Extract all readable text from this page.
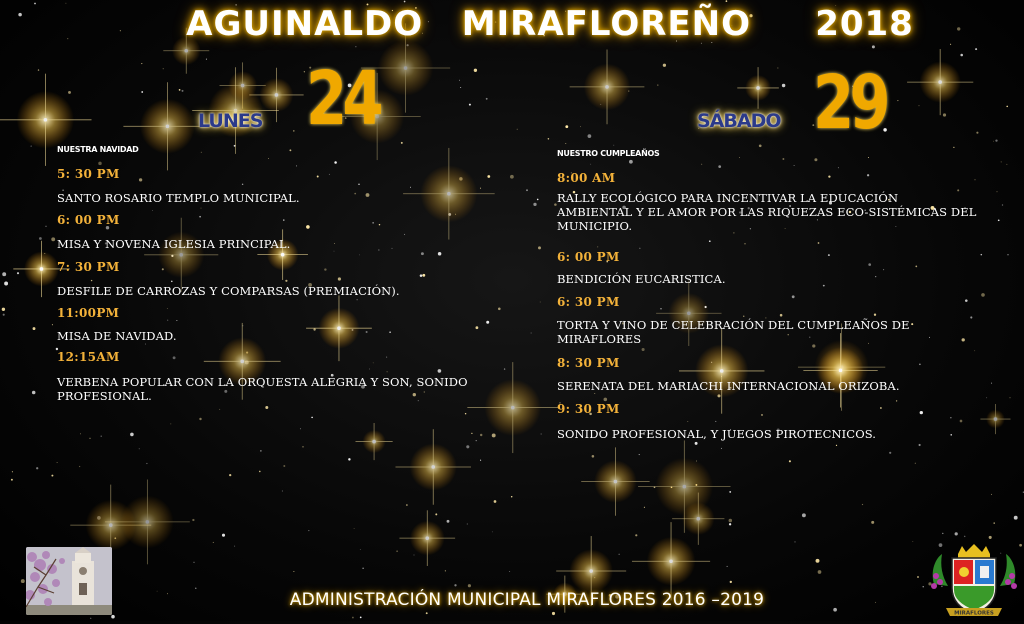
AGUINALDO   MIRAFLOREÑO     2018
LUNES 24	SÁBADO 29
NUESTRA NAVIDAD	NUESTRO CUMPLEAÑOS
5: 30 PM
SANTO ROSARIO TEMPLO MUNICIPAL.
6: 00 PM
MISA Y NOVENA IGLESIA PRINCIPAL.
7: 30 PM
DESFILE DE CARROZAS Y COMPARSAS (PREMIACIÓN).
11:00PM
MISA DE NAVIDAD.
12:15AM
VERBENA POPULAR CON LA ORQUESTA ALEGRIA Y SON, SONIDO PROFESIONAL.
8:00 AM
RALLY ECOLÓGICO PARA INCENTIVAR LA EDUCACIÓN AMBIENTAL Y EL AMOR POR LAS RIQUEZAS ECO-SISTÉMICAS DEL MUNICIPIO.
6: 00 PM
BENDICIÓN EUCARISTICA.
6: 30 PM
TORTA Y VINO DE CELEBRACIÓN DEL CUMPLEAÑOS DE MIRAFLORES
8: 30 PM
SERENATA DEL MARIACHI INTERNACIONAL ORIZOBA.
9: 30 PM
SONIDO PROFESIONAL, Y JUEGOS PIROTECNICOS.
MIRAFLORES
ADMINISTRACIÓN MUNICIPAL MIRAFLORES 2016 –2019
